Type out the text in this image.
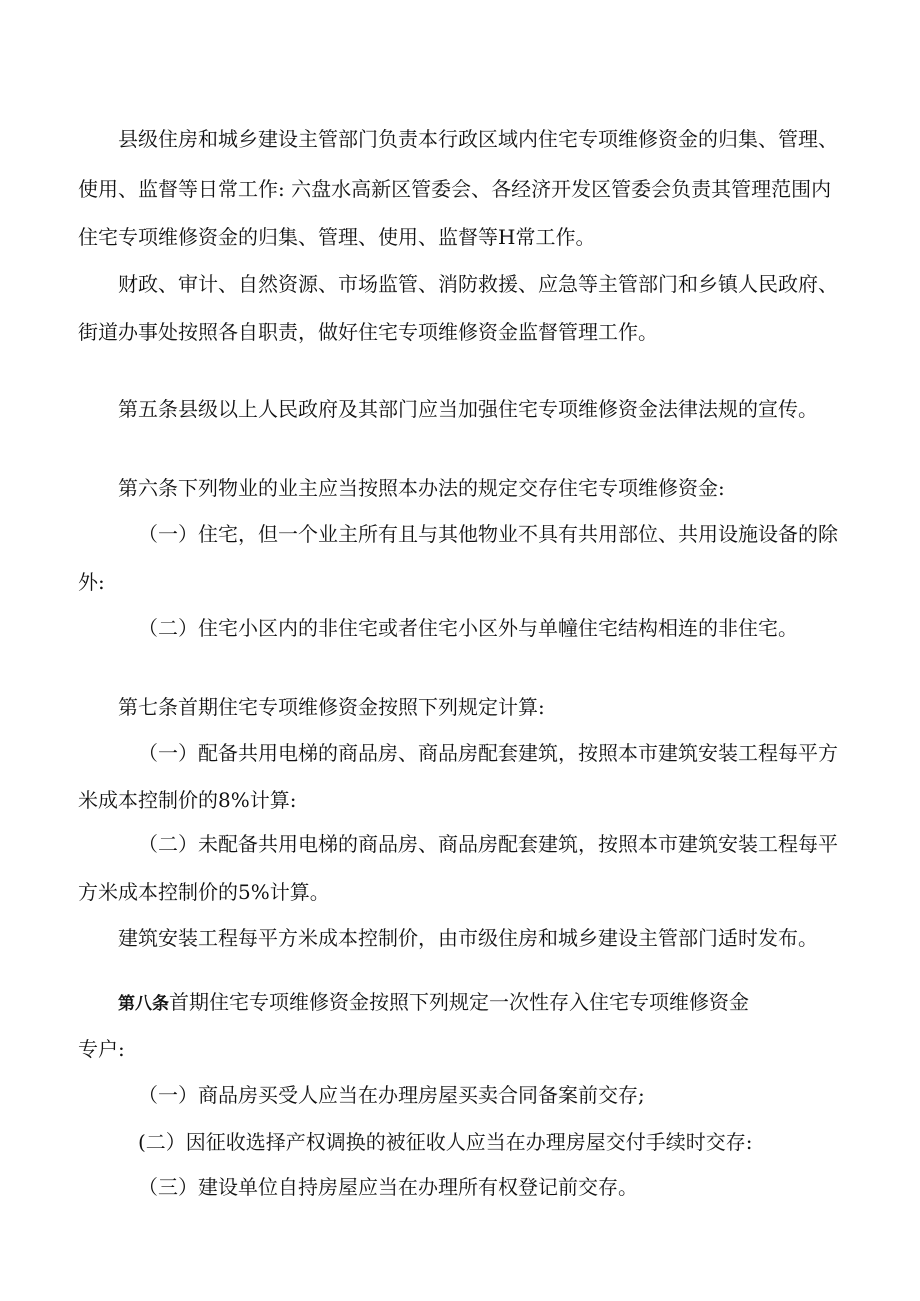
县级住房和城乡建设主管部门负责本行政区域内住宅专项维修资金的归集、管理、
使用、监督等日常工作: 六盘水高新区管委会、各经济开发区管委会负责其管理范围内
住宅专项维修资金的归集、管理、使用、监督等H常工作。
财政、审计、自然资源、市场监管、消防救援、应急等主管部门和乡镇人民政府、
街道办事处按照各自职责，做好住宅专项维修资金监督管理工作。
第五条县级以上人民政府及其部门应当加强住宅专项维修资金法律法规的宣传。
第六条下列物业的业主应当按照本办法的规定交存住宅专项维修资金:
（一）住宅，但一个业主所有且与其他物业不具有共用部位、共用设施设备的除
外:
（二）住宅小区内的非住宅或者住宅小区外与单幢住宅结构相连的非住宅。
第七条首期住宅专项维修资金按照下列规定计算:
（一）配备共用电梯的商品房、商品房配套建筑，按照本市建筑安装工程每平方
米成本控制价的8%计算:
（二）未配备共用电梯的商品房、商品房配套建筑，按照本市建筑安装工程每平
方米成本控制价的5%计算。
建筑安装工程每平方米成本控制价，由市级住房和城乡建设主管部门适时发布。
第八条首期住宅专项维修资金按照下列规定一次性存入住宅专项维修资金
专户:
（一）商品房买受人应当在办理房屋买卖合同备案前交存;
(二）因征收选择产权调换的被征收人应当在办理房屋交付手续时交存:
（三）建设单位自持房屋应当在办理所有权登记前交存。
